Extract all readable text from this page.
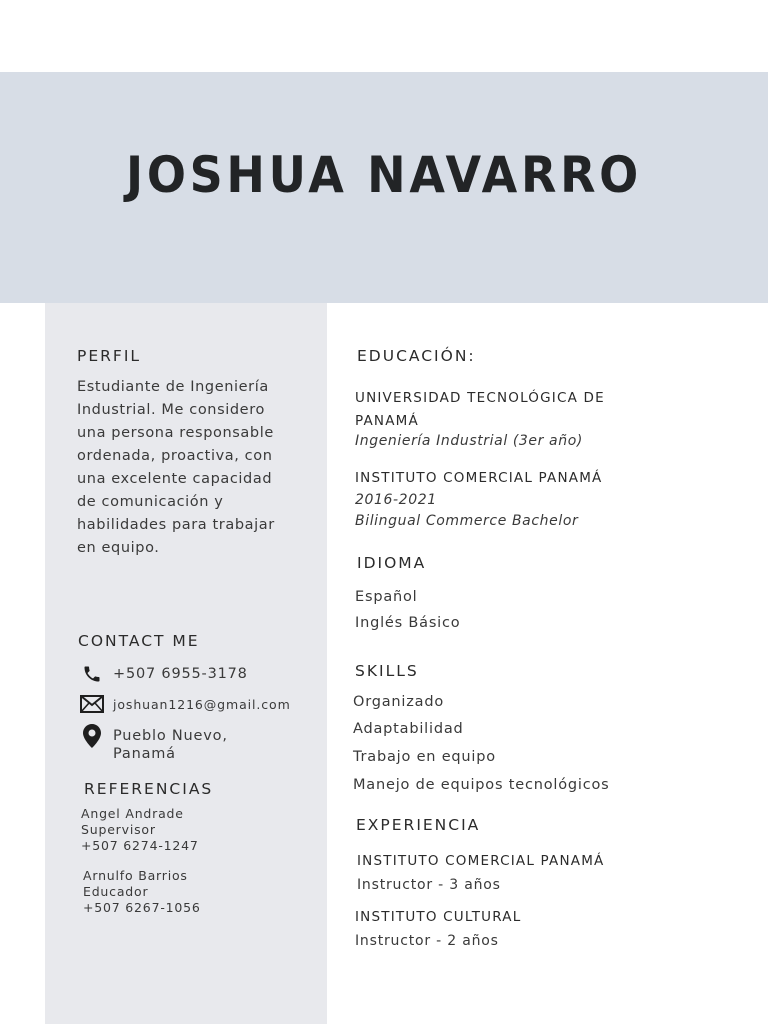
JOSHUA NAVARRO
PERFIL
Estudiante de Ingeniería
Industrial. Me considero
una persona responsable
ordenada, proactiva, con
una excelente capacidad
de comunicación y
habilidades para trabajar
en equipo.
CONTACT ME
+507 6955-3178
joshuan1216@gmail.com
Pueblo Nuevo,
Panamá
REFERENCIAS
Angel Andrade
Supervisor
+507 6274-1247
Arnulfo Barrios
Educador
+507 6267-1056
EDUCACIÓN:
UNIVERSIDAD TECNOLÓGICA DE
PANAMÁ
Ingeniería Industrial (3er año)
INSTITUTO COMERCIAL PANAMÁ
2016-2021
Bilingual Commerce Bachelor
IDIOMA
Español
Inglés Básico
SKILLS
Organizado
Adaptabilidad
Trabajo en equipo
Manejo de equipos tecnológicos
EXPERIENCIA
INSTITUTO COMERCIAL PANAMÁ
Instructor - 3 años
INSTITUTO CULTURAL
Instructor - 2 años
